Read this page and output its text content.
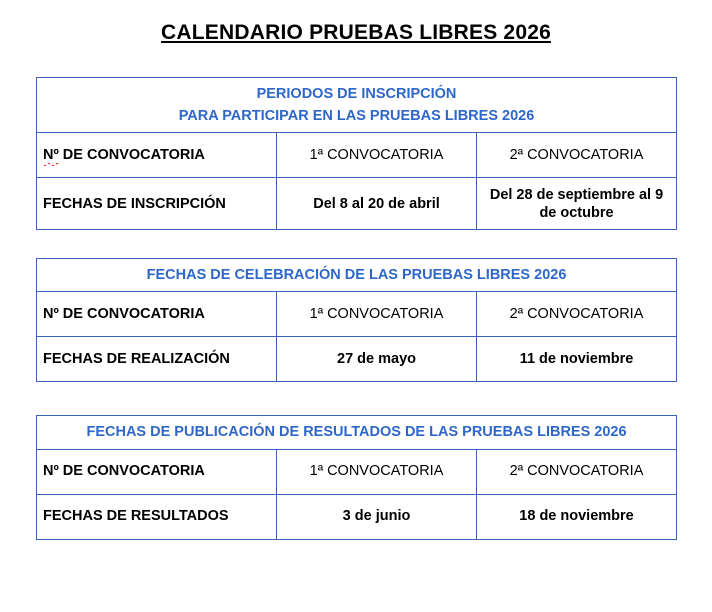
CALENDARIO PRUEBAS LIBRES 2026
PERIODOS DE INSCRIPCIÓN
PARA PARTICIPAR EN LAS PRUEBAS LIBRES 2026		

Nº DE CONVOCATORIA	1ª CONVOCATORIA	2ª CONVOCATORIA
FECHAS DE INSCRIPCIÓN	Del 8 al 20 de abril	Del 28 de septiembre al 9 de octubre
FECHAS DE CELEBRACIÓN DE LAS PRUEBAS LIBRES 2026		

Nº DE CONVOCATORIA	1ª CONVOCATORIA	2ª CONVOCATORIA
FECHAS DE REALIZACIÓN	27 de mayo	11 de noviembre
FECHAS DE PUBLICACIÓN DE RESULTADOS DE LAS PRUEBAS LIBRES 2026		

Nº DE CONVOCATORIA	1ª CONVOCATORIA	2ª CONVOCATORIA
FECHAS DE RESULTADOS	3 de junio	18 de noviembre
